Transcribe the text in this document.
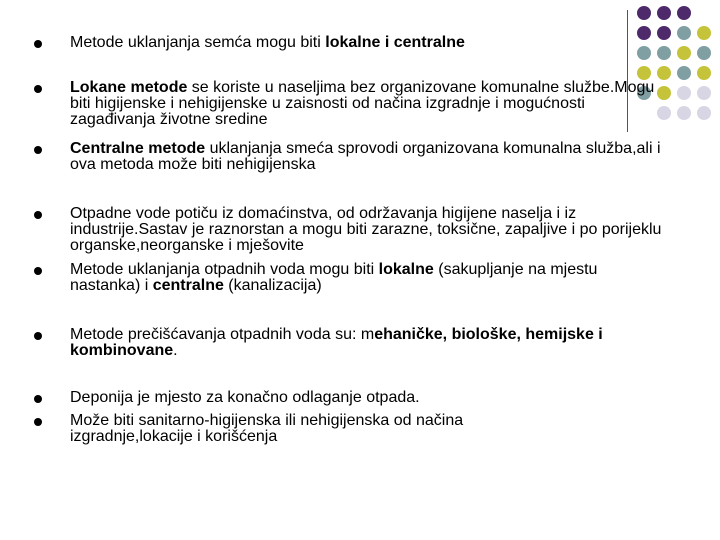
Metode uklanjanja semća mogu biti lokalne i centralne
Lokane metode se koriste u naseljima bez organizovane komunalne službe.Mogu biti higijenske i nehigijenske u zaisnosti od načina izgradnje i mogućnosti zagađivanja životne sredine
Centralne metode uklanjanja smeća sprovodi organizovana komunalna služba,ali i ova metoda može biti nehigijenska
Otpadne vode potiču iz domaćinstva, od održavanja higijene naselja i iz industrije.Sastav je raznorstan a mogu biti zarazne, toksične, zapaljive i po porijeklu organske,neorganske i mješovite
Metode uklanjanja otpadnih voda mogu biti lokalne (sakupljanje na mjestu nastanka) i centralne (kanalizacija)
Metode prečišćavanja otpadnih voda su: mehaničke, biološke, hemijske i kombinovane.
Deponija je mjesto za konačno odlaganje otpada.
Može biti sanitarno-higijenska ili nehigijenska od načina izgradnje,lokacije i korišćenja
